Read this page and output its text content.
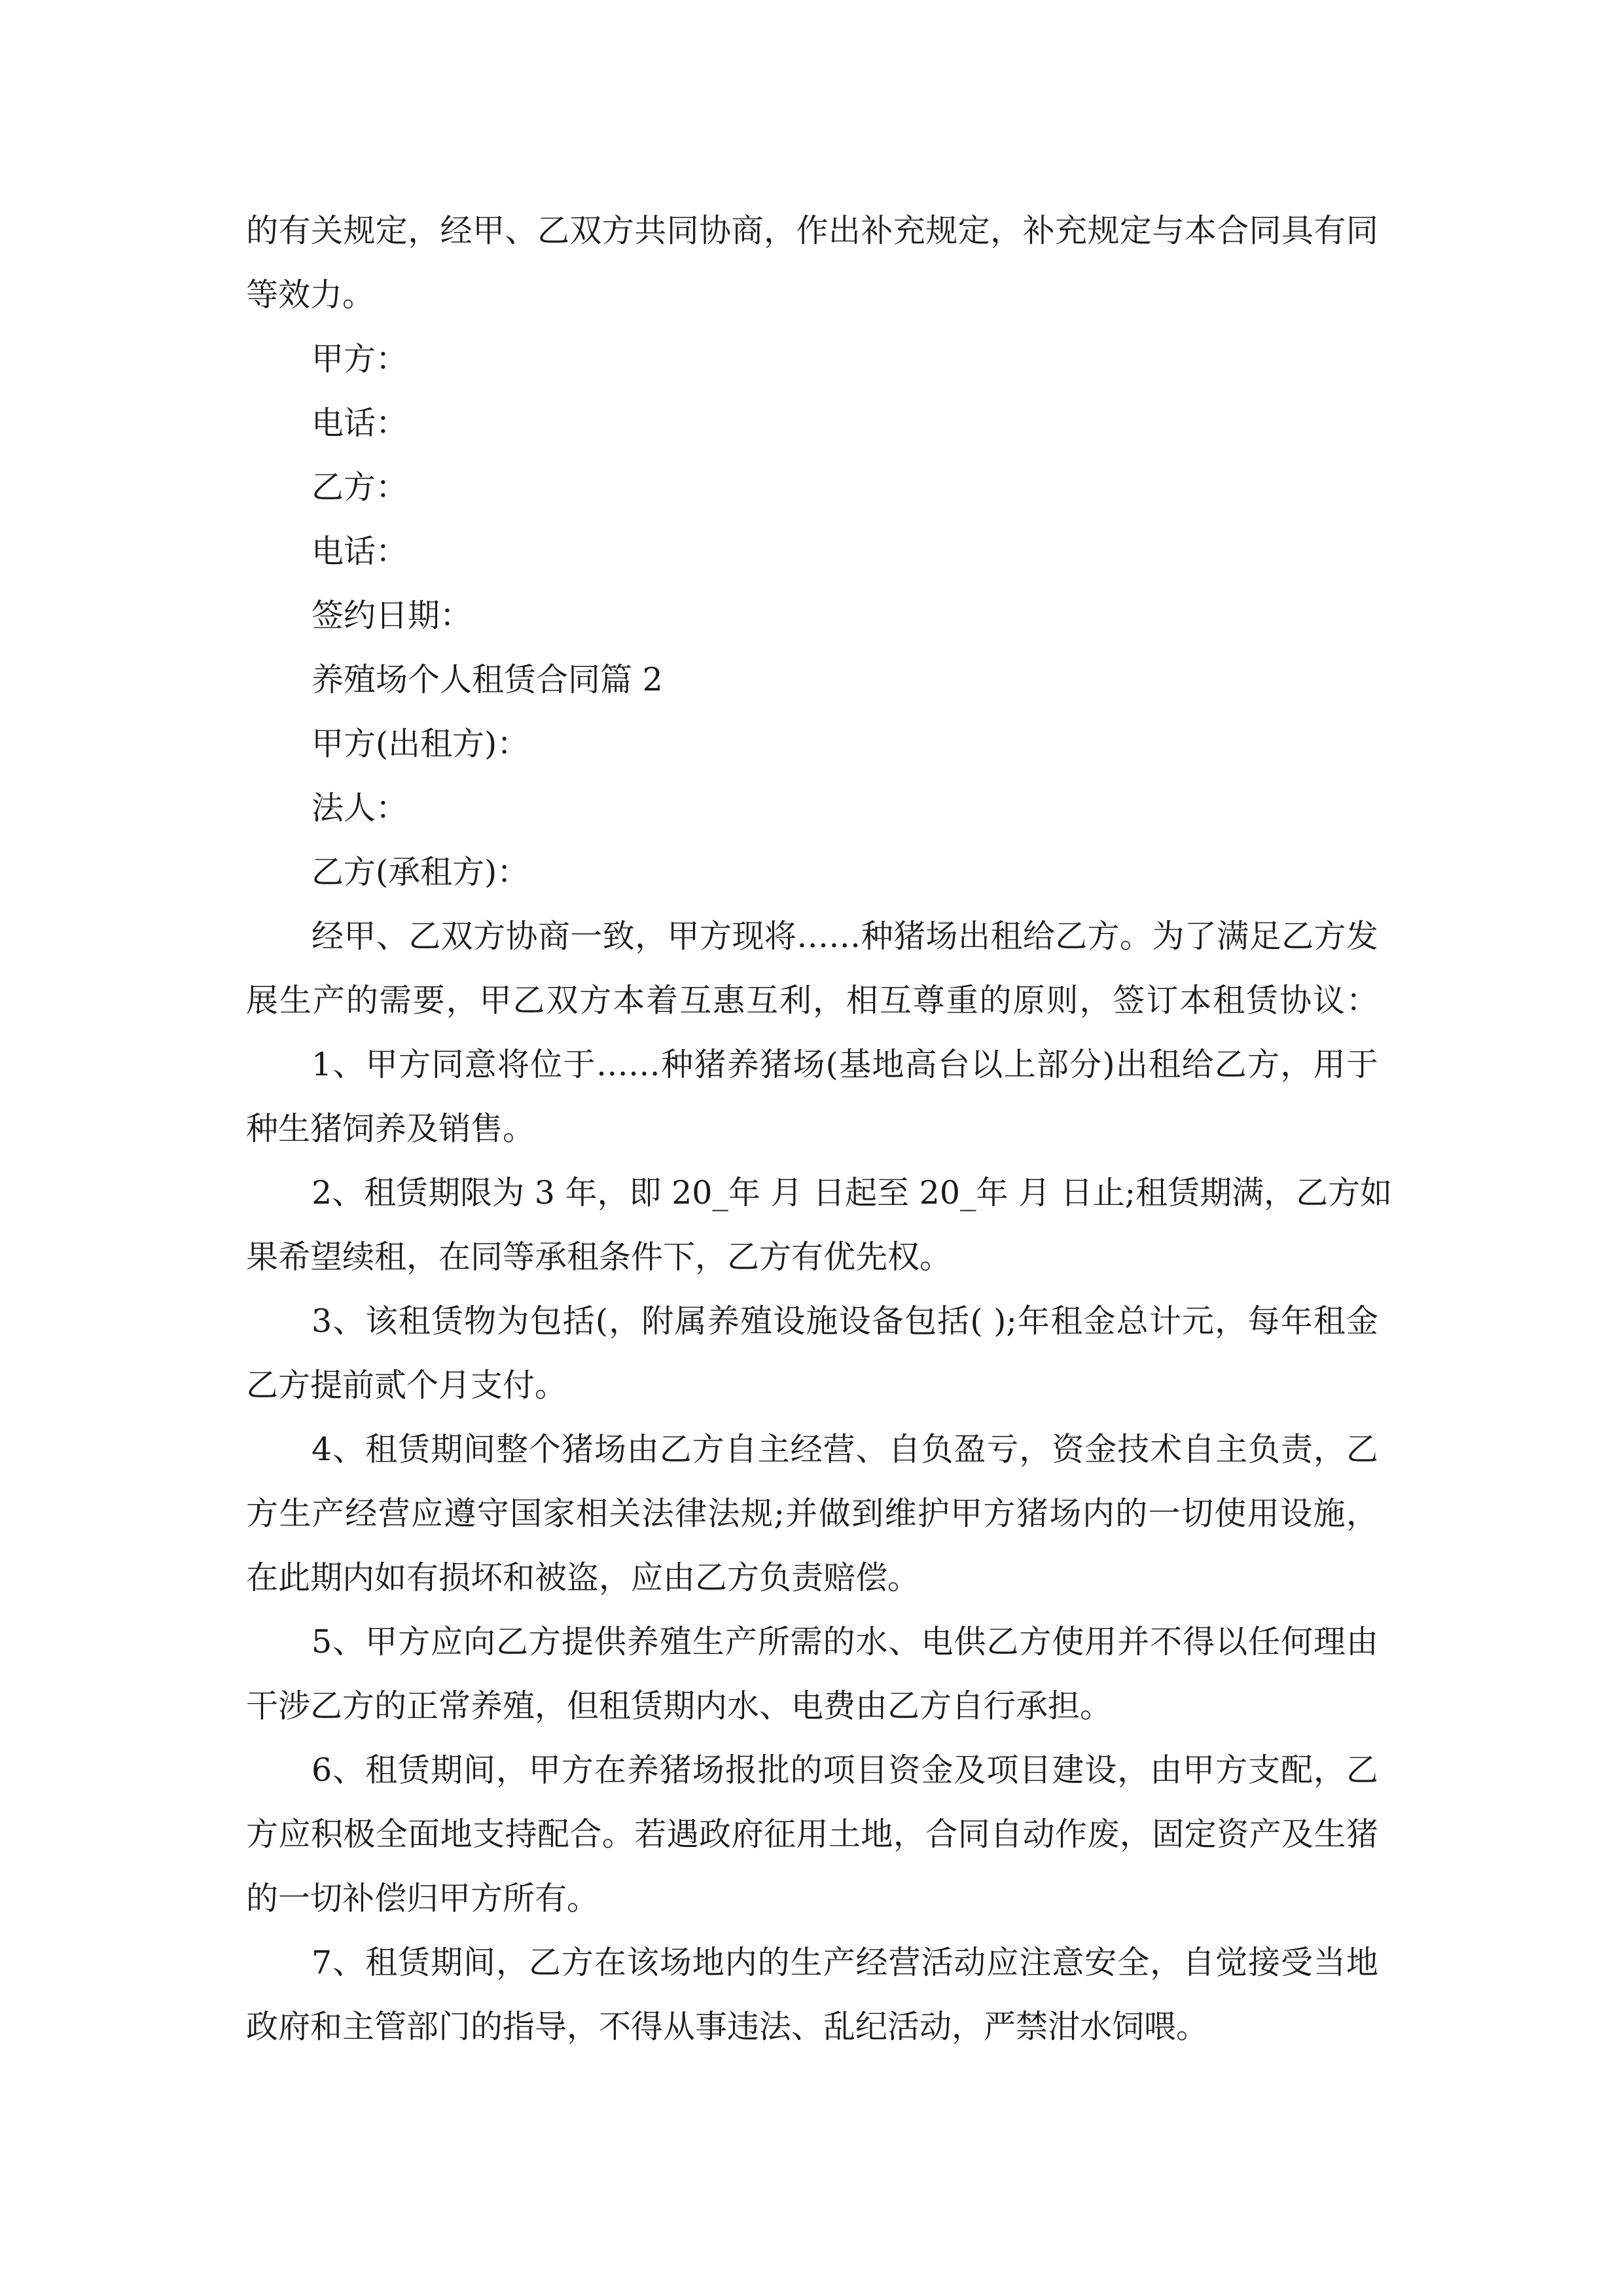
的有关规定，经甲、乙双方共同协商，作出补充规定，补充规定与本合同具有同

等效力。

甲方：

电话：

乙方：

电话：

签约日期：

养殖场个人租赁合同篇 2

甲方(出租方)：

法人：

乙方(承租方)：

经甲、乙双方协商一致，甲方现将……种猪场出租给乙方。为了满足乙方发

展生产的需要，甲乙双方本着互惠互利，相互尊重的原则，签订本租赁协议：

1、甲方同意将位于……种猪养猪场(基地高台以上部分)出租给乙方，用于

种生猪饲养及销售。

2、租赁期限为 3 年，即 20_年 月 日起至 20_年 月 日止;租赁期满，乙方如

果希望续租，在同等承租条件下，乙方有优先权。

3、该租赁物为包括(，附属养殖设施设备包括( );年租金总计元，每年租金

乙方提前贰个月支付。

4、租赁期间整个猪场由乙方自主经营、自负盈亏，资金技术自主负责，乙

方生产经营应遵守国家相关法律法规;并做到维护甲方猪场内的一切使用设施，

在此期内如有损坏和被盗，应由乙方负责赔偿。

5、甲方应向乙方提供养殖生产所需的水、电供乙方使用并不得以任何理由

干涉乙方的正常养殖，但租赁期内水、电费由乙方自行承担。

6、租赁期间，甲方在养猪场报批的项目资金及项目建设，由甲方支配，乙

方应积极全面地支持配合。若遇政府征用土地，合同自动作废，固定资产及生猪

的一切补偿归甲方所有。

7、租赁期间，乙方在该场地内的生产经营活动应注意安全，自觉接受当地

政府和主管部门的指导，不得从事违法、乱纪活动，严禁泔水饲喂。
